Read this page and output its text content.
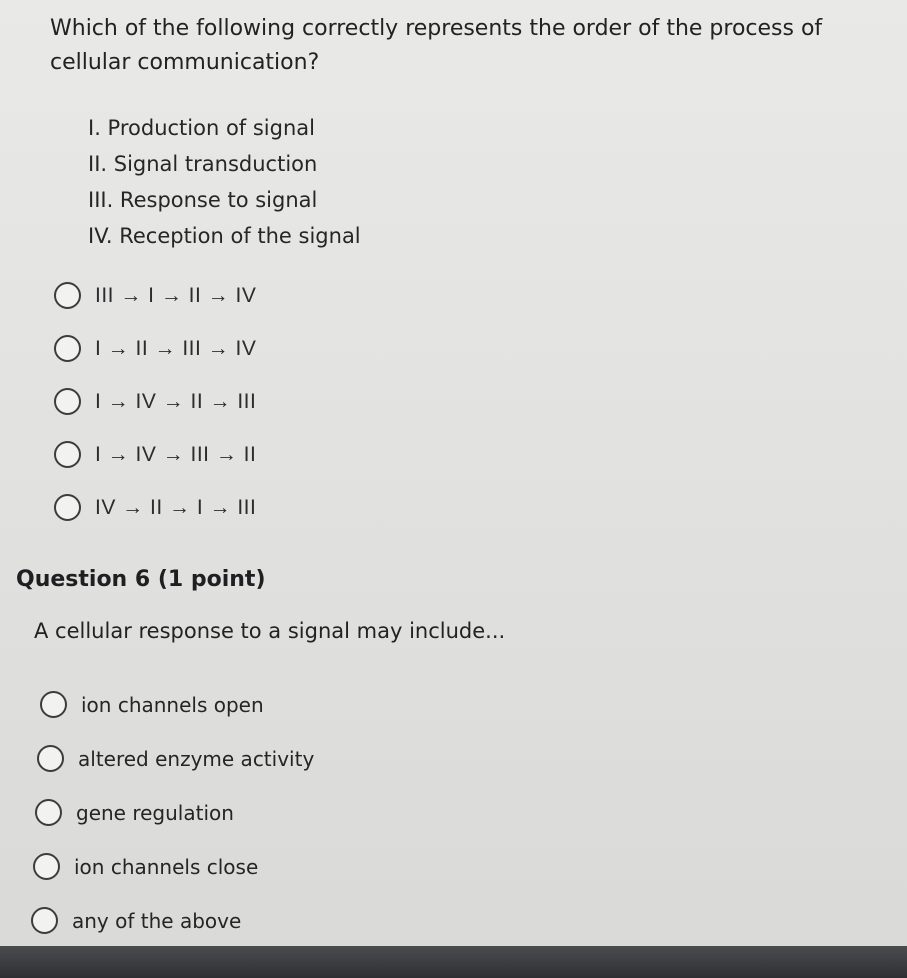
Which of the following correctly represents the order of the process of cellular communication?
I. Production of signal
II. Signal transduction
III. Response to signal
IV. Reception of the signal
III → I → II → IV
I → II → III → IV
I → IV → II → III
I → IV → III → II
IV → II → I → III
Question 6 (1 point)
A cellular response to a signal may include...
ion channels open
altered enzyme activity
gene regulation
ion channels close
any of the above
